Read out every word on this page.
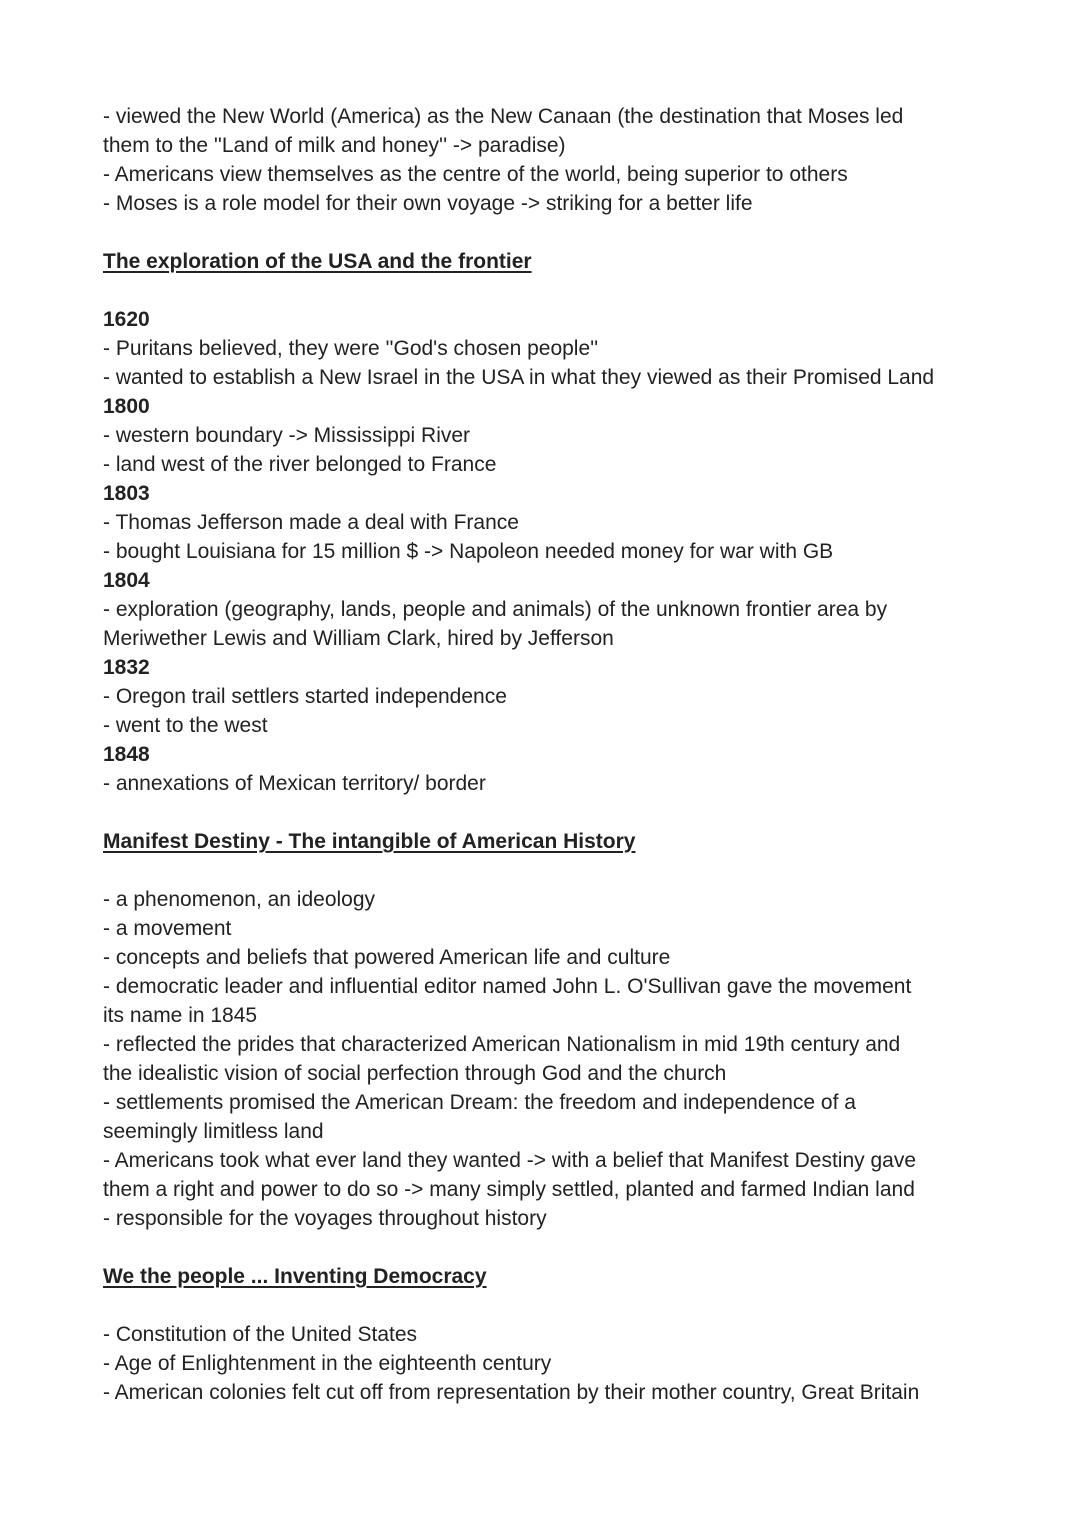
- viewed the New World (America) as the New Canaan (the destination that Moses led

them to the ''Land of milk and honey'' -> paradise)

- Americans view themselves as the centre of the world, being superior to others

- Moses is a role model for their own voyage -> striking for a better life

The exploration of the USA and the frontier

1620

- Puritans believed, they were ''God's chosen people''

- wanted to establish a New Israel in the USA in what they viewed as their Promised Land

1800

- western boundary -> Mississippi River

- land west of the river belonged to France

1803

- Thomas Jefferson made a deal with France

- bought Louisiana for 15 million $ -> Napoleon needed money for war with GB

1804

- exploration (geography, lands, people and animals) of the unknown frontier area by

Meriwether Lewis and William Clark, hired by Jefferson

1832

- Oregon trail settlers started independence

- went to the west

1848

- annexations of Mexican territory/ border

Manifest Destiny - The intangible of American History

- a phenomenon, an ideology

- a movement

- concepts and beliefs that powered American life and culture

- democratic leader and influential editor named John L. O'Sullivan gave the movement

its name in 1845

- reflected the prides that characterized American Nationalism in mid 19th century and

the idealistic vision of social perfection through God and the church

- settlements promised the American Dream: the freedom and independence of a

seemingly limitless land

- Americans took what ever land they wanted -> with a belief that Manifest Destiny gave

them a right and power to do so -> many simply settled, planted and farmed Indian land

- responsible for the voyages throughout history

We the people ... Inventing Democracy

- Constitution of the United States

- Age of Enlightenment in the eighteenth century

- American colonies felt cut off from representation by their mother country, Great Britain
